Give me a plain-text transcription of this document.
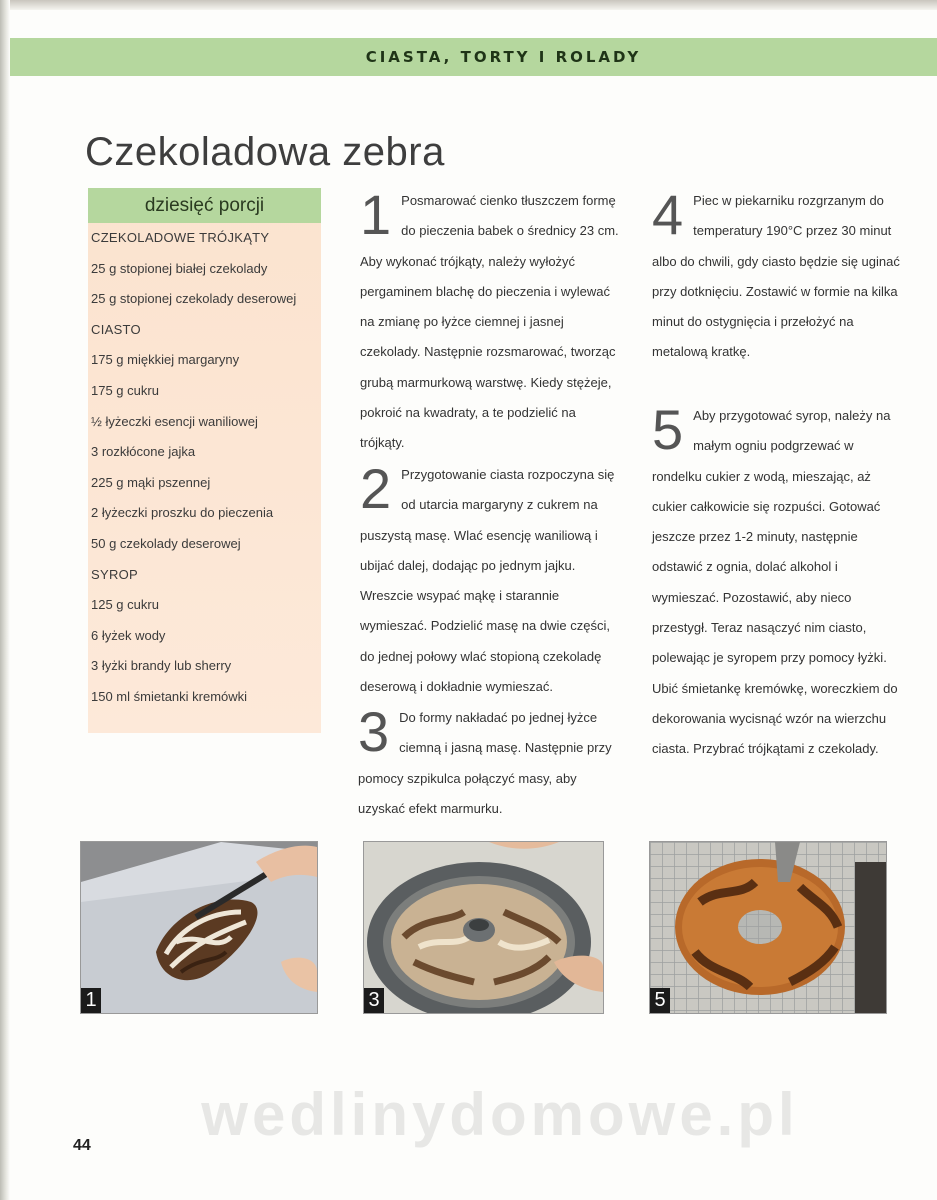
CIASTA, TORTY I ROLADY
Czekoladowa zebra
dziesięć porcji
CZEKOLADOWE TRÓJKĄTY
25 g stopionej białej czekolady
25 g stopionej czekolady deserowej
CIASTO
175 g miękkiej margaryny
175 g cukru
½ łyżeczki esencji waniliowej
3 rozkłócone jajka
225 g mąki pszennej
2 łyżeczki proszku do pieczenia
50 g czekolady deserowej
SYROP
125 g cukru
6 łyżek wody
3 łyżki brandy lub sherry
150 ml śmietanki kremówki
1 Posmarować cienko tłuszczem formę do pieczenia babek o średnicy 23 cm. Aby wykonać trójkąty, należy wyłożyć pergaminem blachę do pieczenia i wylewać na zmianę po łyżce ciemnej i jasnej czekolady. Następnie rozsmarować, tworząc grubą marmurkową warstwę. Kiedy stężeje, pokroić na kwadraty, a te podzielić na trójkąty.

2 Przygotowanie ciasta rozpoczyna się od utarcia margaryny z cukrem na puszystą masę. Wlać esencję waniliową i ubijać dalej, dodając po jednym jajku. Wreszcie wsypać mąkę i starannie wymieszać. Podzielić masę na dwie części, do jednej połowy wlać stopioną czekoladę deserową i dokładnie wymieszać.

3 Do formy nakładać po jednej łyżce ciemną i jasną masę. Następnie przy pomocy szpikulca połączyć masy, aby uzyskać efekt marmurku.

4 Piec w piekarniku rozgrzanym do temperatury 190°C przez 30 minut albo do chwili, gdy ciasto będzie się uginać przy dotknięciu. Zostawić w formie na kilka minut do ostygnięcia i przełożyć na metalową kratkę.

5 Aby przygotować syrop, należy na małym ogniu podgrzewać w rondelku cukier z wodą, mieszając, aż cukier całkowicie się rozpuści. Gotować jeszcze przez 1-2 minuty, następnie odstawić z ognia, dolać alkohol i wymieszać. Pozostawić, aby nieco przestygł. Teraz nasączyć nim ciasto, polewając je syropem przy pomocy łyżki. Ubić śmietankę kremówkę, woreczkiem do dekorowania wycisnąć wzór na wierzchu ciasta. Przybrać trójkątami z czekolady.

1	3	5
wedlinydomowe.pl
44
